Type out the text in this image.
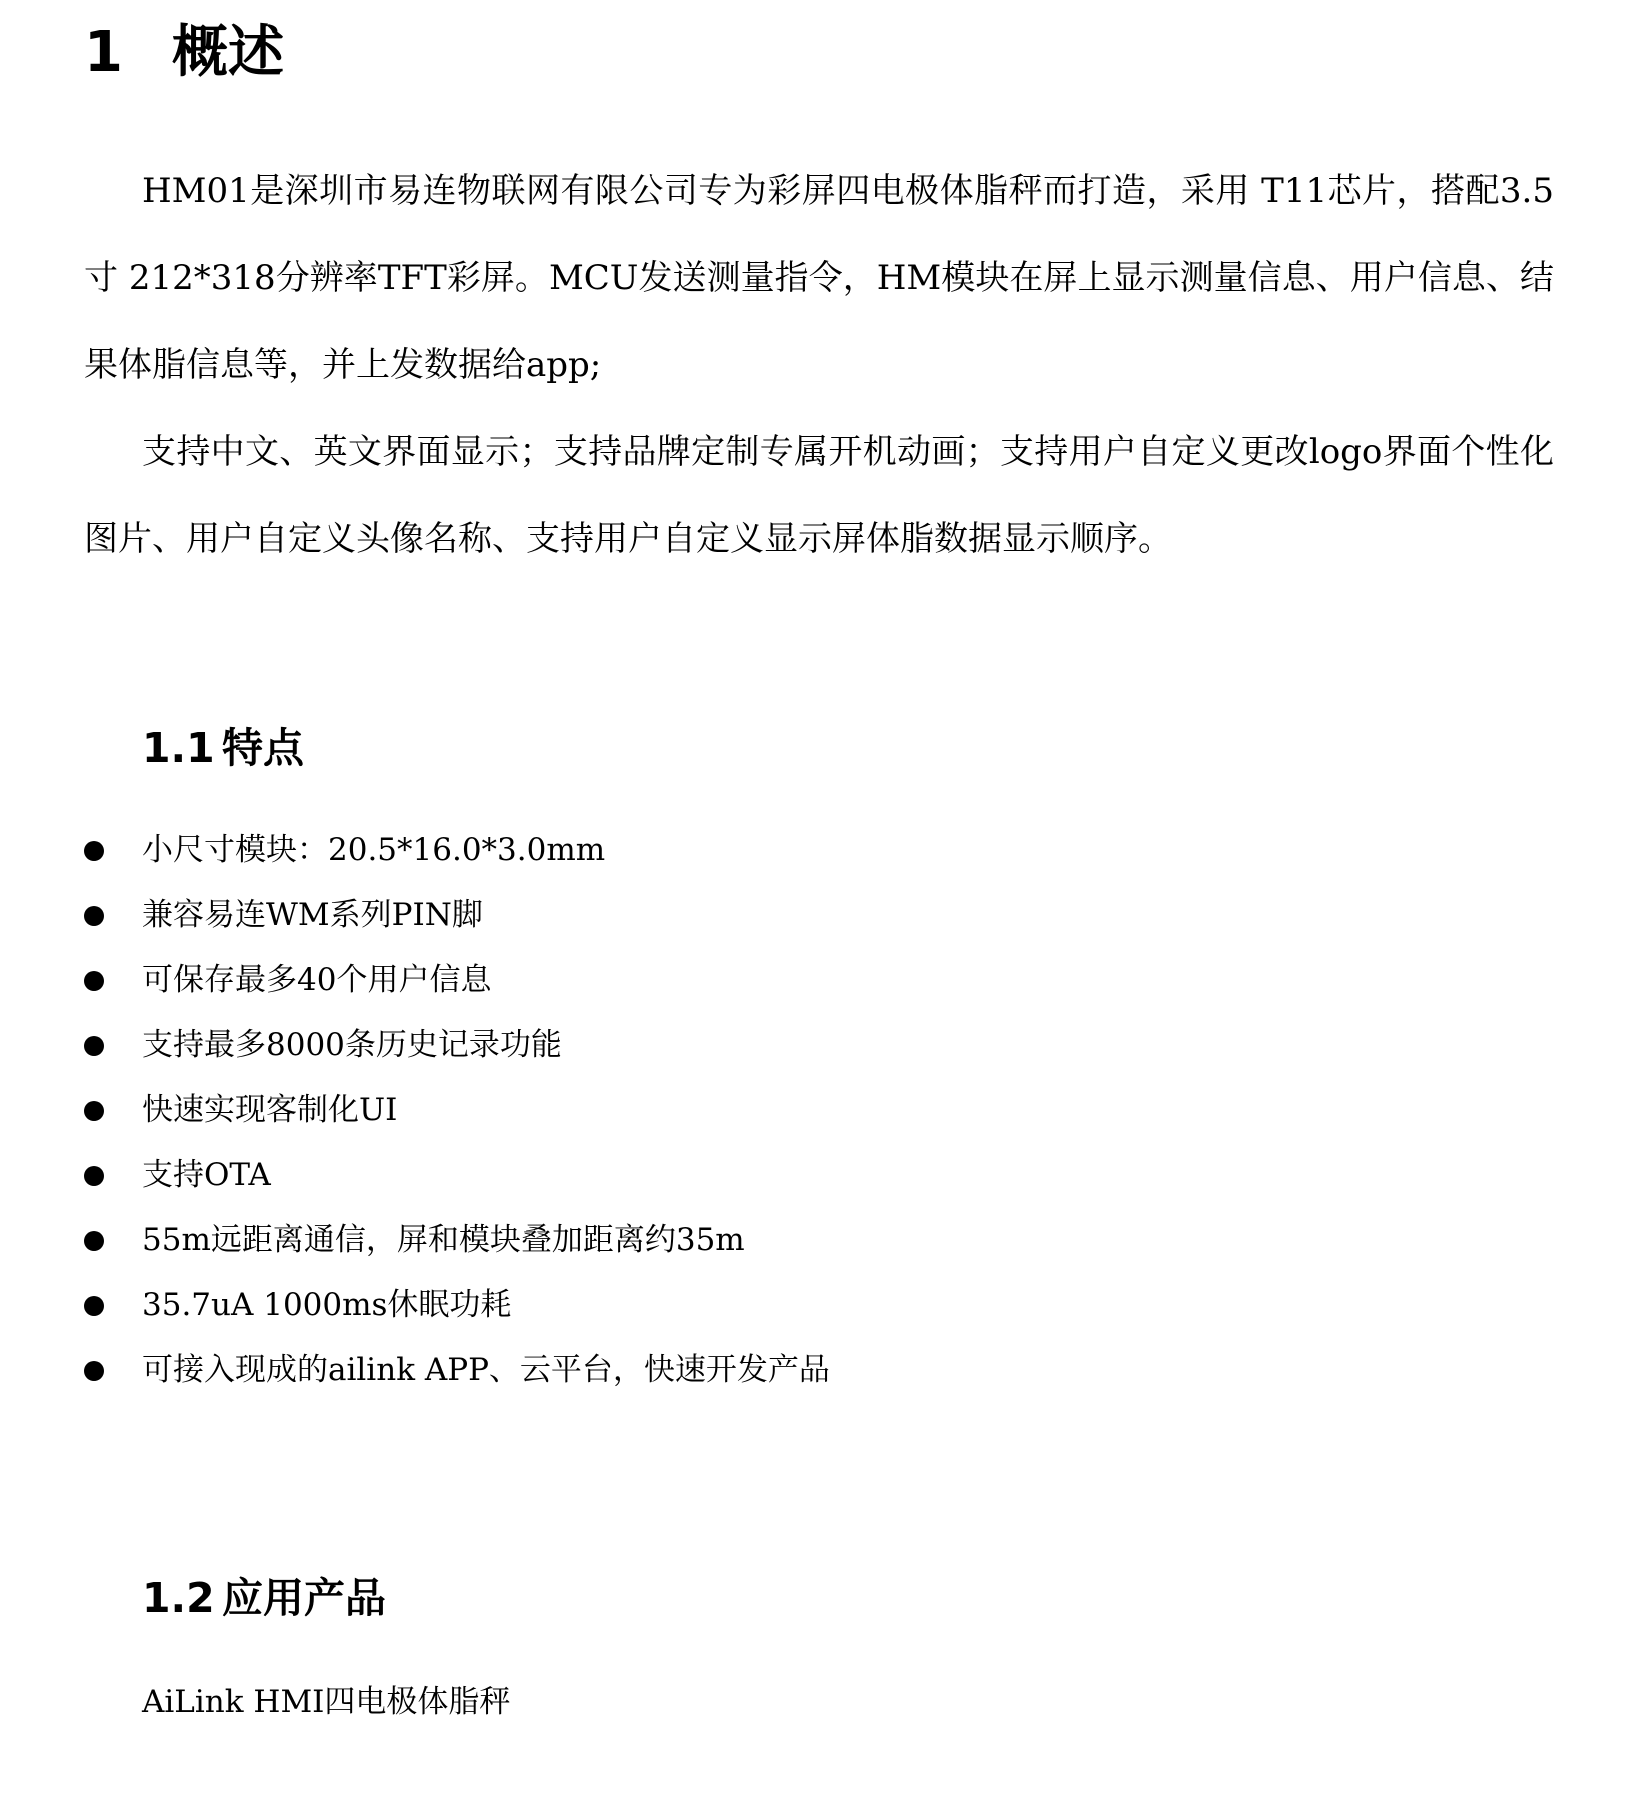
1 概述

HM01是深圳市易连物联网有限公司专为彩屏四电极体脂秤而打造，采用 T11芯片，搭配3.5寸 212*318分辨率TFT彩屏。MCU发送测量指令，HM模块在屏上显示测量信息、用户信息、结果体脂信息等，并上发数据给app;

支持中文、英文界面显示；支持品牌定制专属开机动画；支持用户自定义更改logo界面个性化图片、用户自定义头像名称、支持用户自定义显示屏体脂数据显示顺序。

1.1 特点
小尺寸模块：20.5*16.0*3.0mm
兼容易连WM系列PIN脚
可保存最多40个用户信息
支持最多8000条历史记录功能
快速实现客制化UI
支持OTA
55m远距离通信，屏和模块叠加距离约35m
35.7uA 1000ms休眠功耗
可接入现成的ailink APP、云平台，快速开发产品
1.2 应用产品
AiLink HMI四电极体脂秤
